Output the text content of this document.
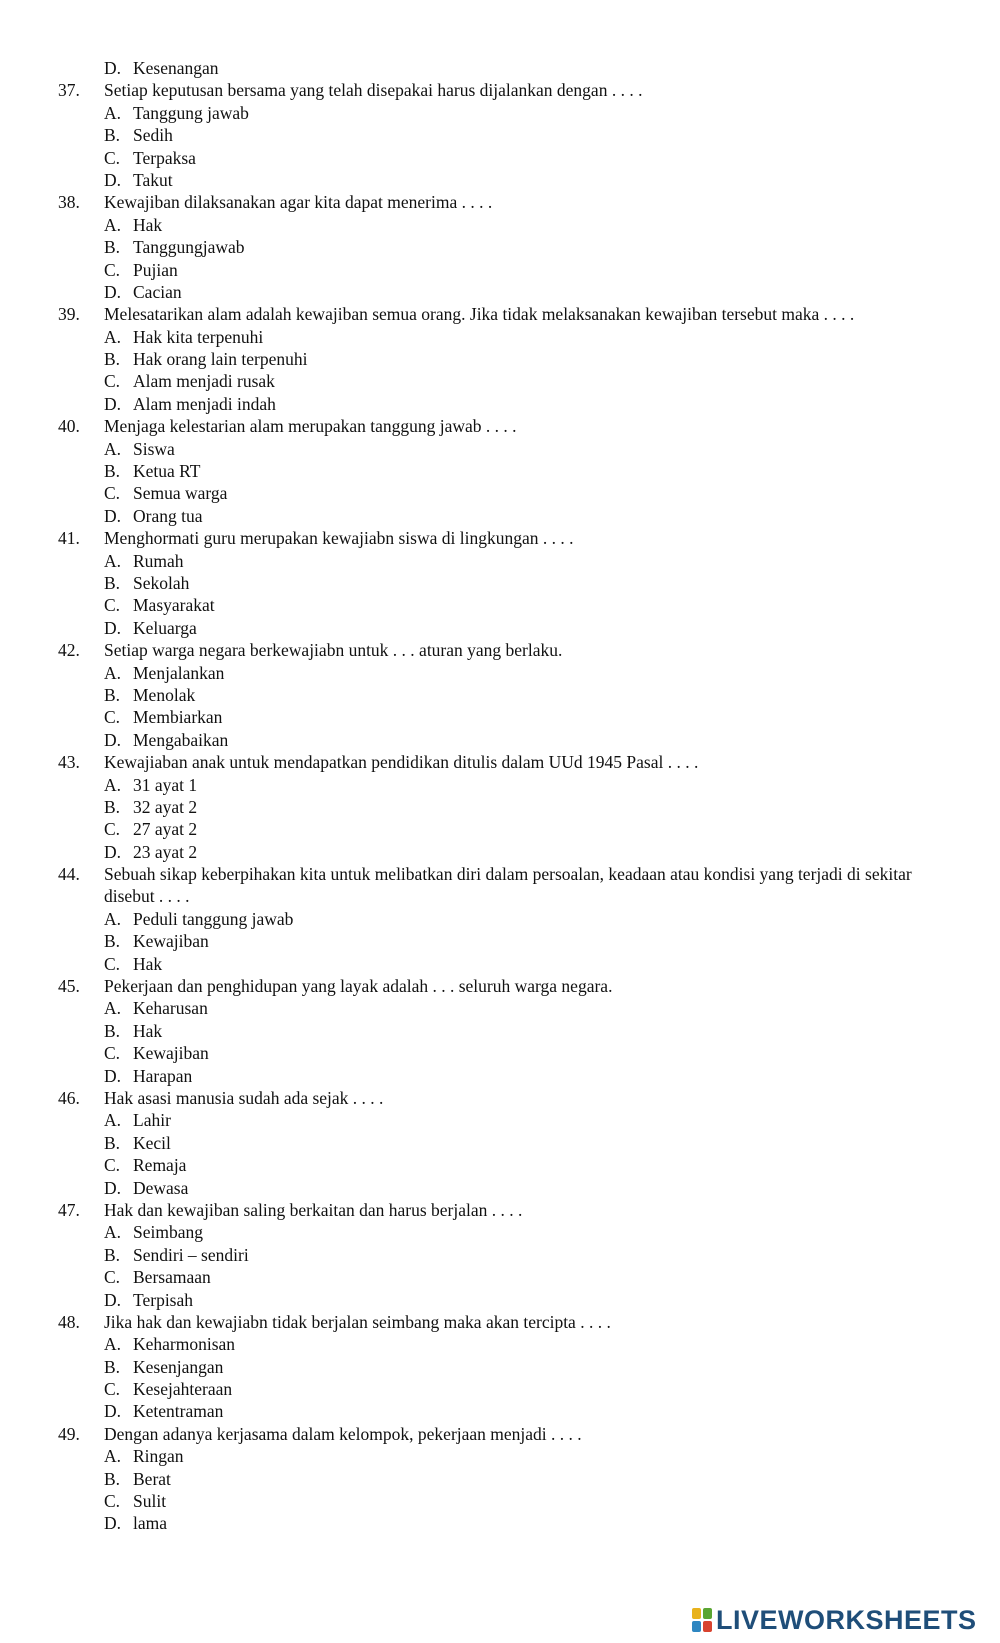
D. Kesenangan
37. Setiap keputusan bersama yang telah disepakai harus dijalankan dengan . . . .
A. Tanggung jawab
B. Sedih
C. Terpaksa
D. Takut
38. Kewajiban dilaksanakan agar kita dapat menerima . . . .
A. Hak
B. Tanggungjawab
C. Pujian
D. Cacian
39. Melesatarikan alam adalah kewajiban semua orang. Jika tidak melaksanakan kewajiban tersebut maka . . . .
A. Hak kita terpenuhi
B. Hak orang lain terpenuhi
C. Alam menjadi rusak
D. Alam menjadi indah
40. Menjaga kelestarian alam merupakan tanggung jawab . . . .
A. Siswa
B. Ketua RT
C. Semua warga
D. Orang tua
41. Menghormati guru merupakan kewajiabn siswa di lingkungan . . . .
A. Rumah
B. Sekolah
C. Masyarakat
D. Keluarga
42. Setiap warga negara berkewajiabn untuk . . . aturan yang berlaku.
A. Menjalankan
B. Menolak
C. Membiarkan
D. Mengabaikan
43. Kewajiaban anak untuk mendapatkan pendidikan ditulis dalam UUd 1945 Pasal . . . .
A. 31 ayat 1
B. 32 ayat 2
C. 27 ayat 2
D. 23 ayat 2
44. Sebuah sikap keberpihakan kita untuk melibatkan diri dalam persoalan, keadaan atau kondisi yang terjadi di sekitar disebut . . . .
A. Peduli tanggung jawab
B. Kewajiban
C. Hak
45. Pekerjaan dan penghidupan yang layak adalah . . . seluruh warga negara.
A. Keharusan
B. Hak
C. Kewajiban
D. Harapan
46. Hak asasi manusia sudah ada sejak . . . .
A. Lahir
B. Kecil
C. Remaja
D. Dewasa
47. Hak dan kewajiban saling berkaitan dan harus berjalan . . . .
A. Seimbang
B. Sendiri – sendiri
C. Bersamaan
D. Terpisah
48. Jika hak dan kewajiabn tidak berjalan seimbang maka akan tercipta . . . .
A. Keharmonisan
B. Kesenjangan
C. Kesejahteraan
D. Ketentraman
49. Dengan adanya kerjasama dalam kelompok, pekerjaan menjadi . . . .
A. Ringan
B. Berat
C. Sulit
D. lama
LIVEWORKSHEETS
